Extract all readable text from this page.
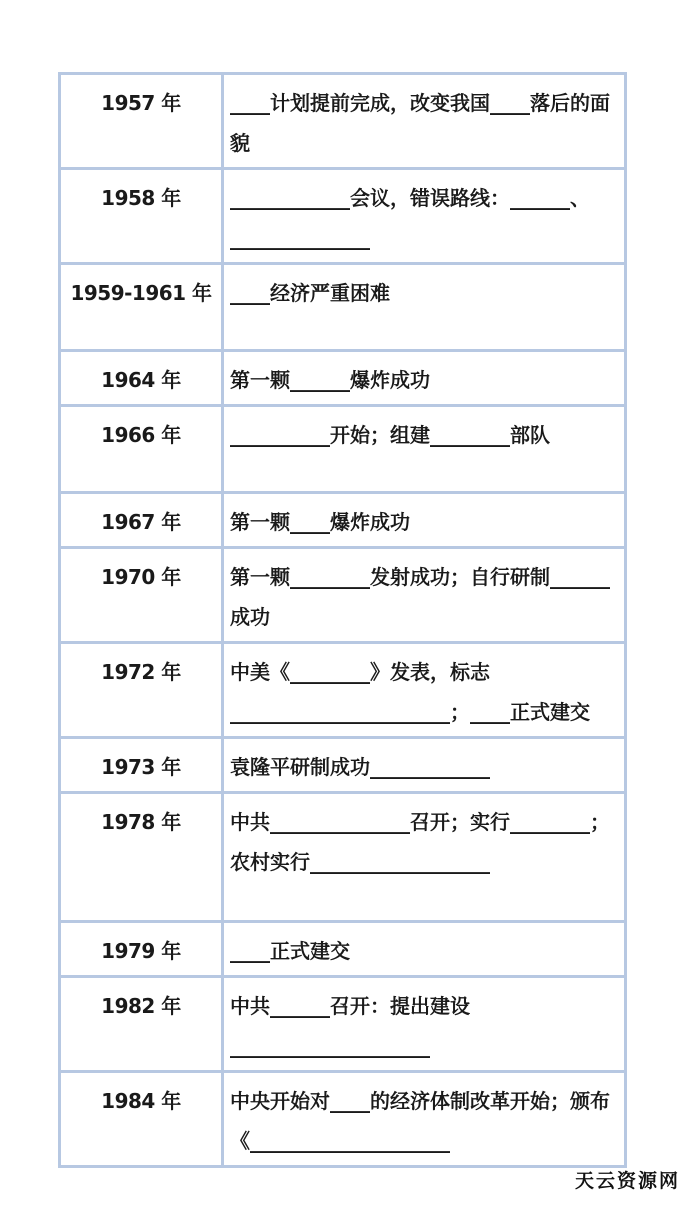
1957 年	____计划提前完成，改变我国____落后的面貌
1958 年	____________会议，错误路线：______、______________
1959-1961 年	____经济严重困难
1964 年	第一颗______爆炸成功
1966 年	__________开始；组建________部队
1967 年	第一颗____爆炸成功
1970 年	第一颗________发射成功；自行研制______成功
1972 年	中美《________》发表，标志______________________；____正式建交
1973 年	袁隆平研制成功____________
1978 年	中共______________召开；实行________；农村实行__________________
1979 年	____正式建交
1982 年	中共______召开：提出建设____________________
1984 年	中央开始对____的经济体制改革开始；颁布《____________________
天云资源网
